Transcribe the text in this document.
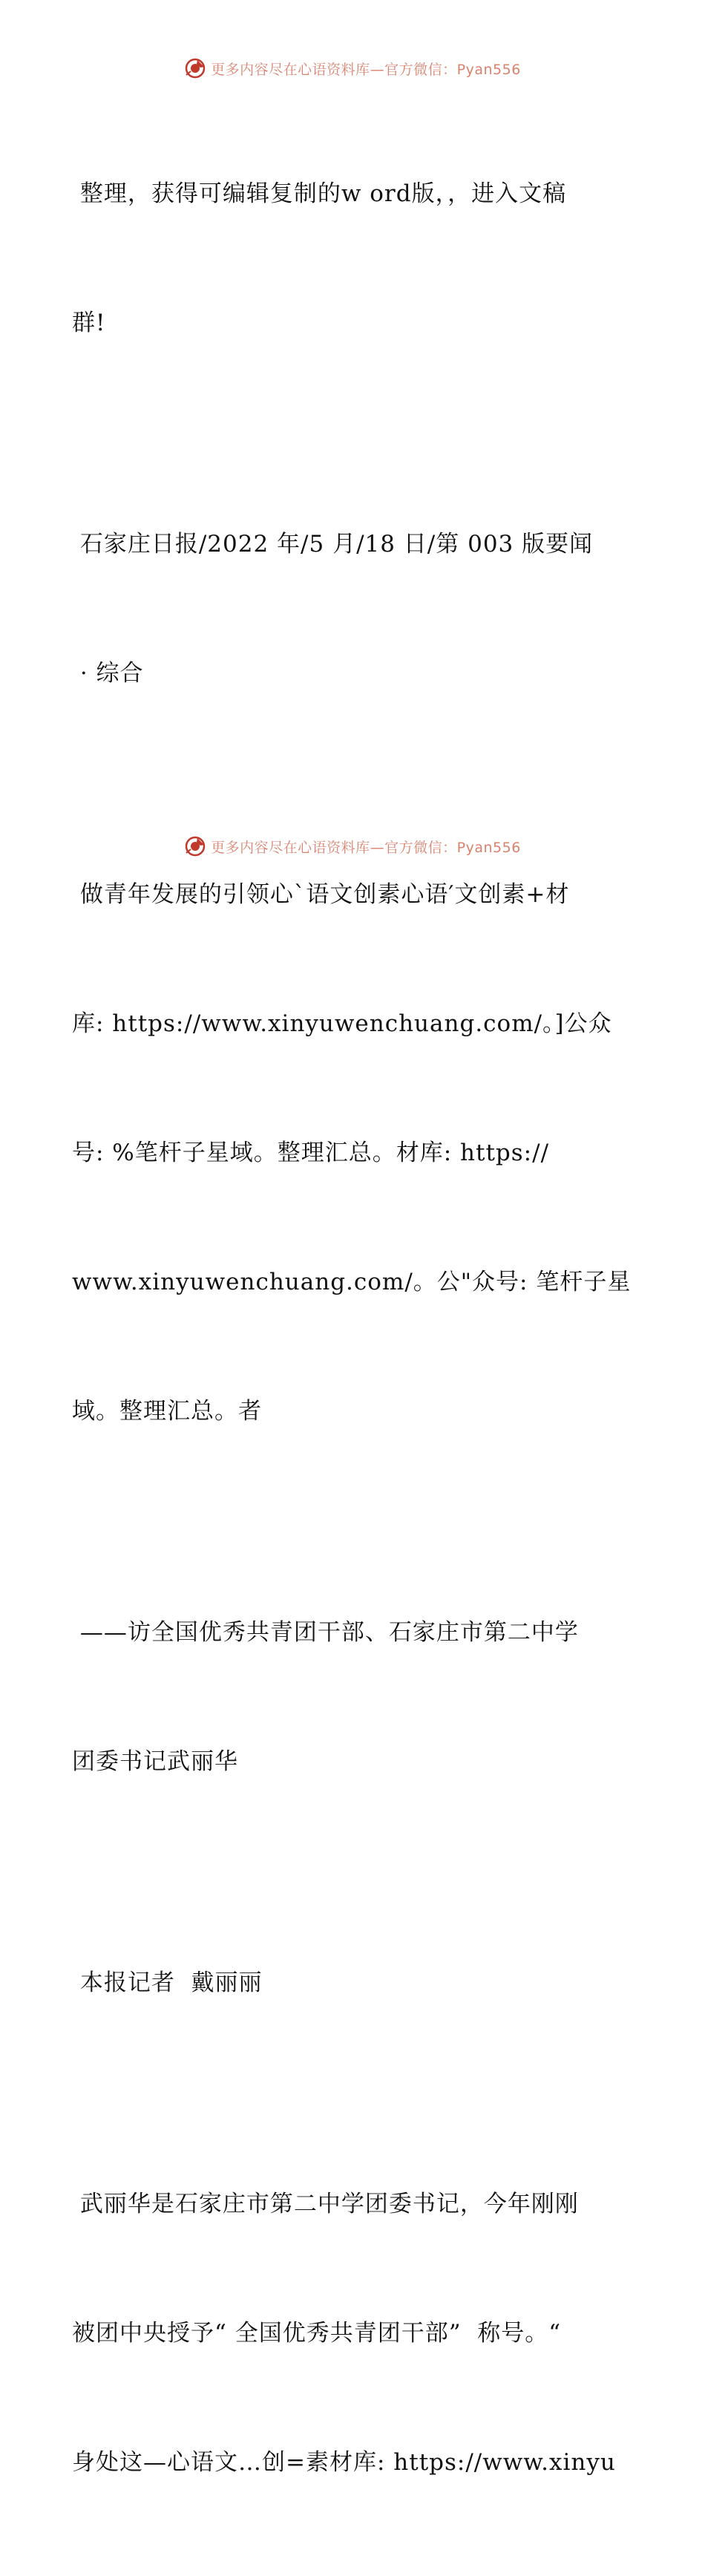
更多内容尽在心语资料库—官方微信：Pyan556

整理，获得可编辑复制的w ord版，，进入文稿

群!

石家庄日报/2022 年/5 月/18 日/第 003 版要闻

· 综合

做青年发展的引领心`语文创素心语′文创素+材

库: https://www.xinyuwenchuang.com/。]公众

号: %笔杆子星域。整理汇总。材库: https://

www.xinyuwenchuang.com/。公"众号: 笔杆子星

域。整理汇总。者

——访全国优秀共青团干部、石家庄市第二中学

团委书记武丽华

本报记者  戴丽丽

武丽华是石家庄市第二中学团委书记，今年刚刚

被团中央授予“ 全国优秀共青团干部”  称号。“

身处这—心语文…创=素材库: https://www.xinyu

更多内容尽在心语资料库—官方微信：Pyan556
